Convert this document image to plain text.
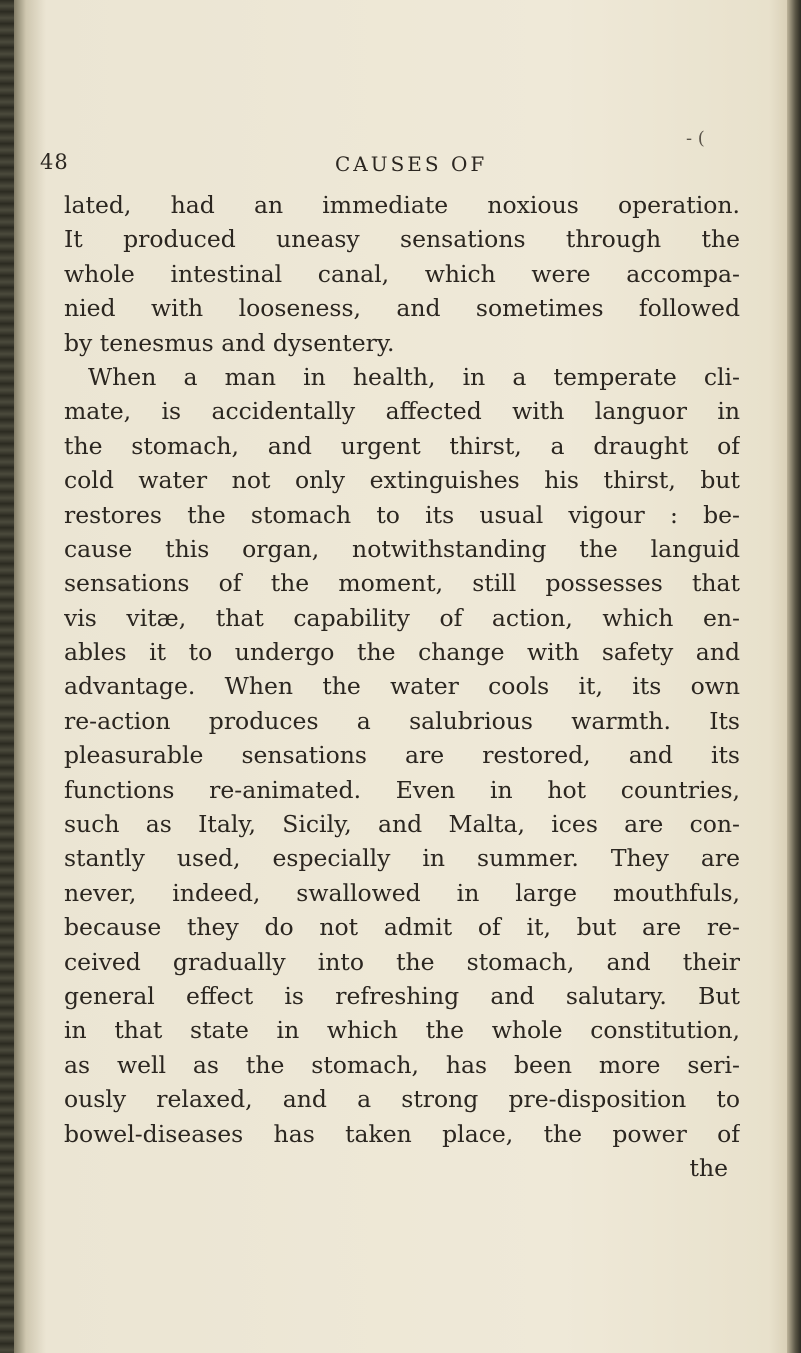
48	CAUSES OF
- (
lated, had an immediate noxious operation.
It produced uneasy sensations through the
whole intestinal canal, which were accompa-
nied with looseness, and sometimes followed
by tenesmus and dysentery.
When a man in health, in a temperate cli-
mate, is accidentally affected with languor in
the stomach, and urgent thirst, a draught of
cold water not only extinguishes his thirst, but
restores the stomach to its usual vigour : be-
cause this organ, notwithstanding the languid
sensations of the moment, still possesses that
vis vitæ, that capability of action, which en-
ables it to undergo the change with safety and
advantage. When the water cools it, its own
re-action produces a salubrious warmth. Its
pleasurable sensations are restored, and its
functions re-animated. Even in hot countries,
such as Italy, Sicily, and Malta, ices are con-
stantly used, especially in summer. They are
never, indeed, swallowed in large mouthfuls,
because they do not admit of it, but are re-
ceived gradually into the stomach, and their
general effect is refreshing and salutary. But
in that state in which the whole constitution,
as well as the stomach, has been more seri-
ously relaxed, and a strong pre-disposition to
bowel-diseases has taken place, the power of
the
